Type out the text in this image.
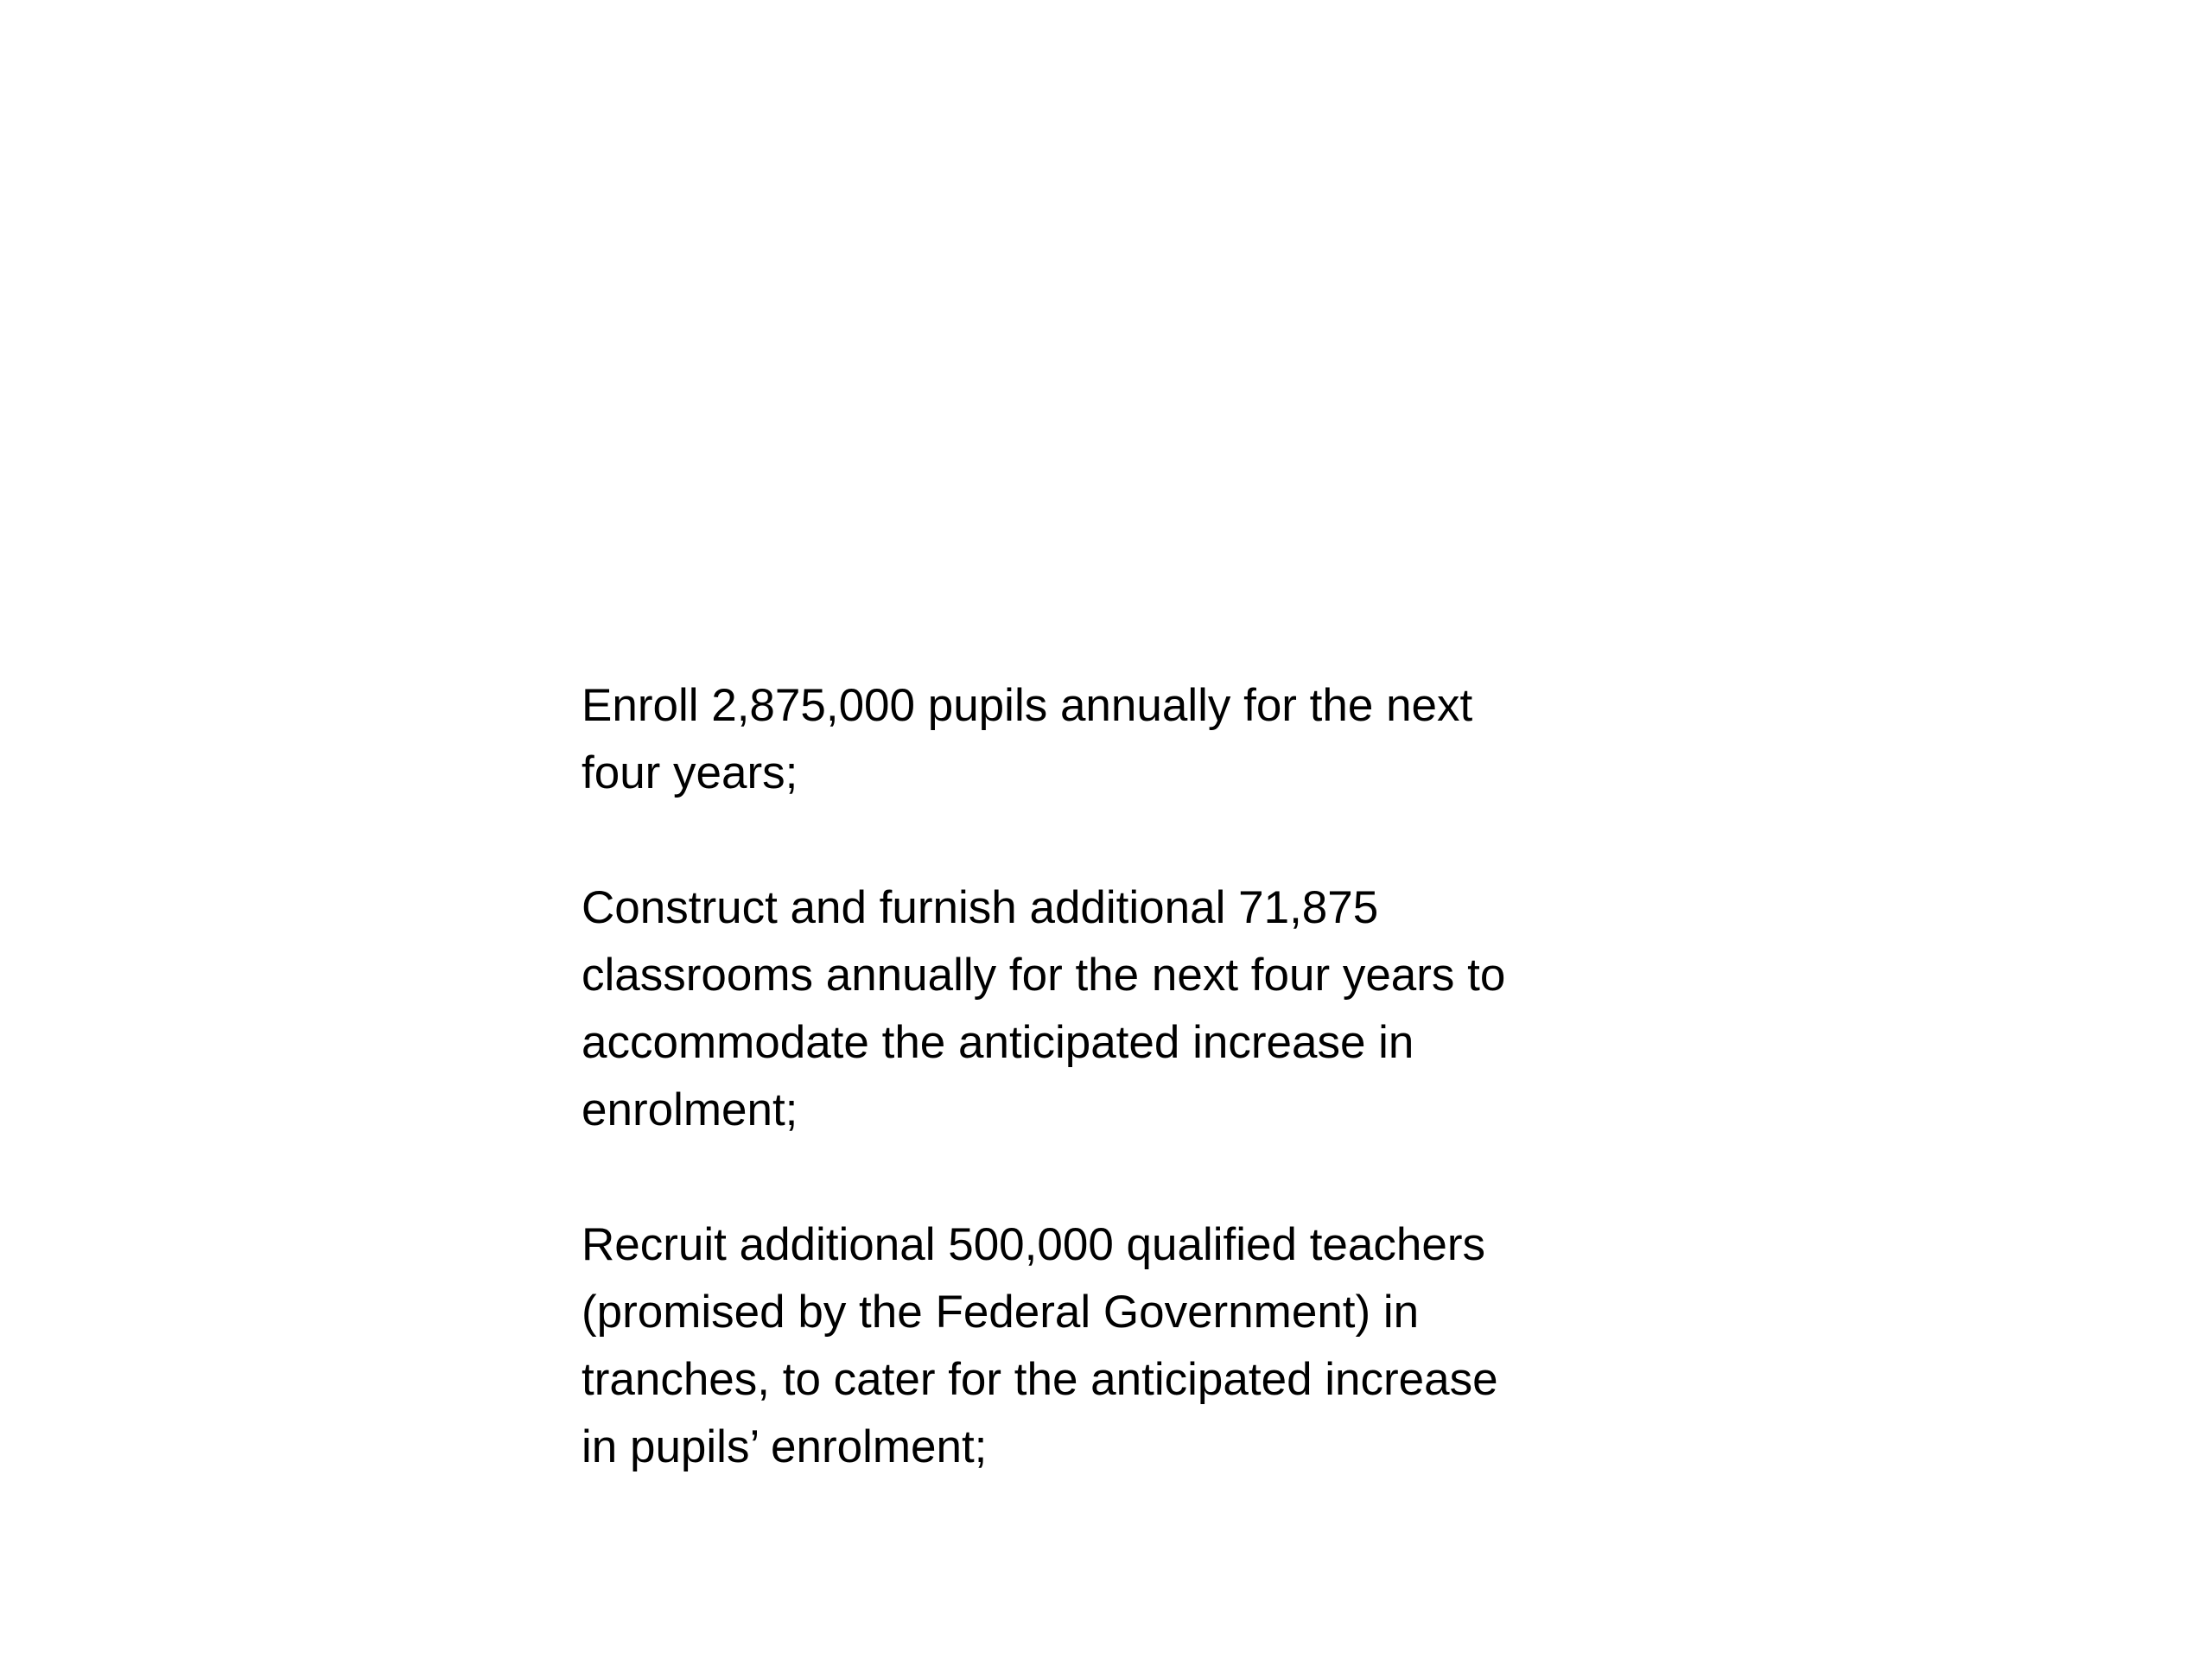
Enroll 2,875,000 pupils annually for the next
four years;

Construct and furnish additional 71,875
classrooms annually for the next four years to
accommodate the anticipated increase in
enrolment;

Recruit additional 500,000 qualified teachers
(promised by the Federal Government) in
tranches, to cater for the anticipated increase
in pupils’ enrolment;
